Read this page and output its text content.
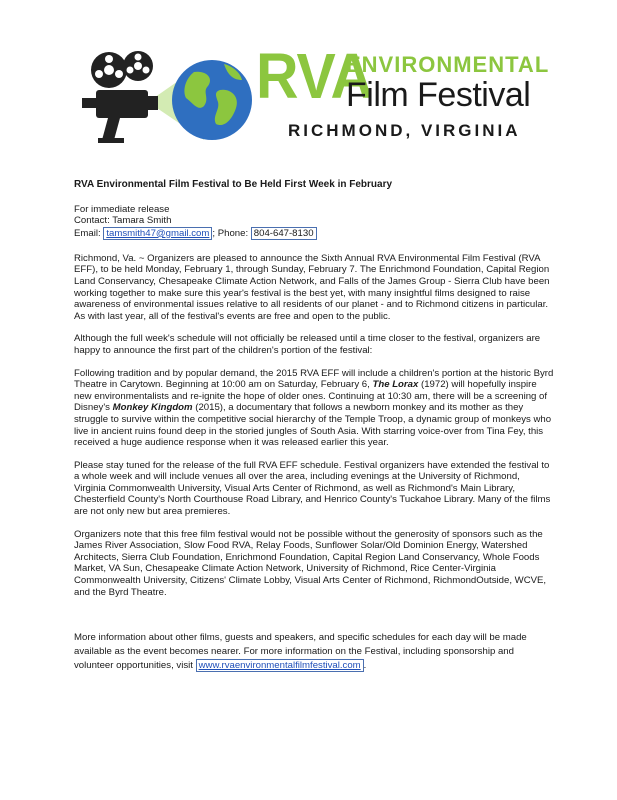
RVA
ENVIRONMENTAL
Film Festival
RICHMOND, VIRGINIA
RVA Environmental Film Festival to Be Held First Week in February
For immediate release
Contact: Tamara Smith
Email: tamsmith47@gmail.com ; Phone: 804-647-8130

Richmond, Va. ~ Organizers are pleased to announce the Sixth Annual RVA Environmental Film Festival (RVA EFF), to be held Monday, February 1, through Sunday, February 7. The Enrichmond Foundation, Capital Region Land Conservancy, Chesapeake Climate Action Network, and Falls of the James Group - Sierra Club have been working together to make sure this year's festival is the best yet, with many insightful films designed to raise awareness of environmental issues relative to all residents of our planet - and to Richmond citizens in particular. As with last year, all of the festival's events are free and open to the public.

Although the full week's schedule will not officially be released until a time closer to the festival, organizers are happy to announce the first part of the children's portion of the festival:

Following tradition and by popular demand, the 2015 RVA EFF will include a children's portion at the historic Byrd Theatre in Carytown. Beginning at 10:00 am on Saturday, February 6, The Lorax (1972) will hopefully inspire new environmentalists and re-ignite the hope of older ones. Continuing at 10:30 am, there will be a screening of Disney's Monkey Kingdom (2015), a documentary that follows a newborn monkey and its mother as they struggle to survive within the competitive social hierarchy of the Temple Troop, a dynamic group of monkeys who live in ancient ruins found deep in the storied jungles of South Asia. With starring voice-over from Tina Fey, this received a huge audience response when it was released earlier this year.

Please stay tuned for the release of the full RVA EFF schedule. Festival organizers have extended the festival to a whole week and will include venues all over the area, including evenings at the University of Richmond, Virginia Commonwealth University, Visual Arts Center of Richmond, as well as Richmond's Main Library, Chesterfield County's North Courthouse Road Library, and Henrico County's Tuckahoe Library. Many of the films are not only new but area premieres.

Organizers note that this free film festival would not be possible without the generosity of sponsors such as the James River Association, Slow Food RVA, Relay Foods, Sunflower Solar/Old Dominion Energy, Watershed Architects, Sierra Club Foundation, Enrichmond Foundation, Capital Region Land Conservancy, Whole Foods Market, VA Sun, Chesapeake Climate Action Network, University of Richmond, Rice Center-Virginia Commonwealth University, Citizens' Climate Lobby, Visual Arts Center of Richmond, RichmondOutside, WCVE, and the Byrd Theatre.

More information about other films, guests and speakers, and specific schedules for each day will be made available as the event becomes nearer. For more information on the Festival, including sponsorship and volunteer opportunities, visit www.rvaenvironmentalfilmfestival.com .
